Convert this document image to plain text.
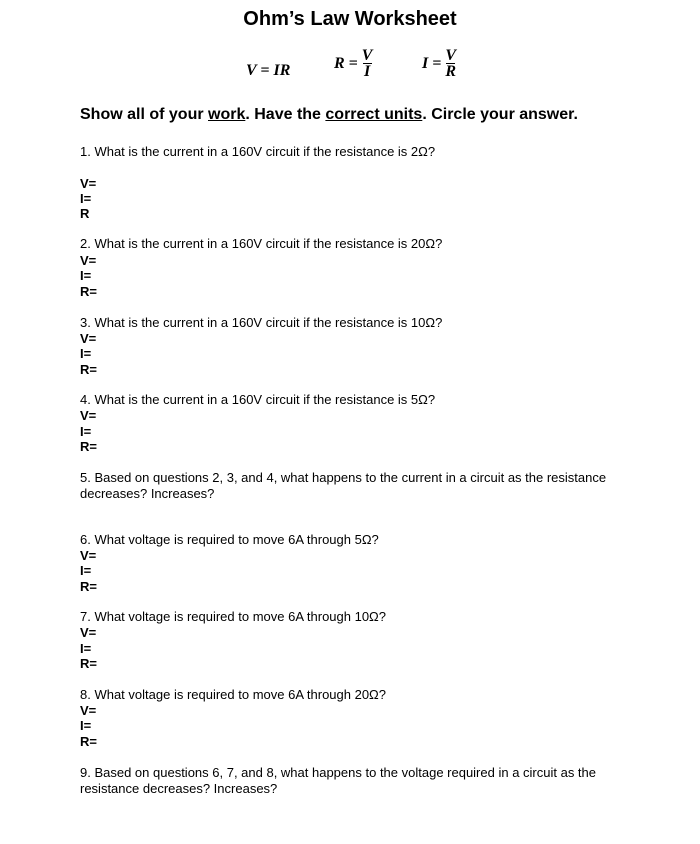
Ohm’s Law Worksheet
V = IR	$R = \frac{V}{I}$	$I = \frac{V}{R}$
Show all of your work. Have the correct units. Circle your answer.
1. What is the current in a 160V circuit if the resistance is 2Ω?
V=
I=
R
2. What is the current in a 160V circuit if the resistance is 20Ω?
V=
I=
R=
3. What is the current in a 160V circuit if the resistance is 10Ω?
V=
I=
R=
4. What is the current in a 160V circuit if the resistance is 5Ω?
V=
I=
R=
5. Based on questions 2, 3, and 4, what happens to the current in a circuit as the resistance decreases? Increases?
6. What voltage is required to move 6A through 5Ω?
V=
I=
R=
7. What voltage is required to move 6A through 10Ω?
V=
I=
R=
8. What voltage is required to move 6A through 20Ω?
V=
I=
R=
9. Based on questions 6, 7, and 8, what happens to the voltage required in a circuit as the resistance decreases? Increases?
